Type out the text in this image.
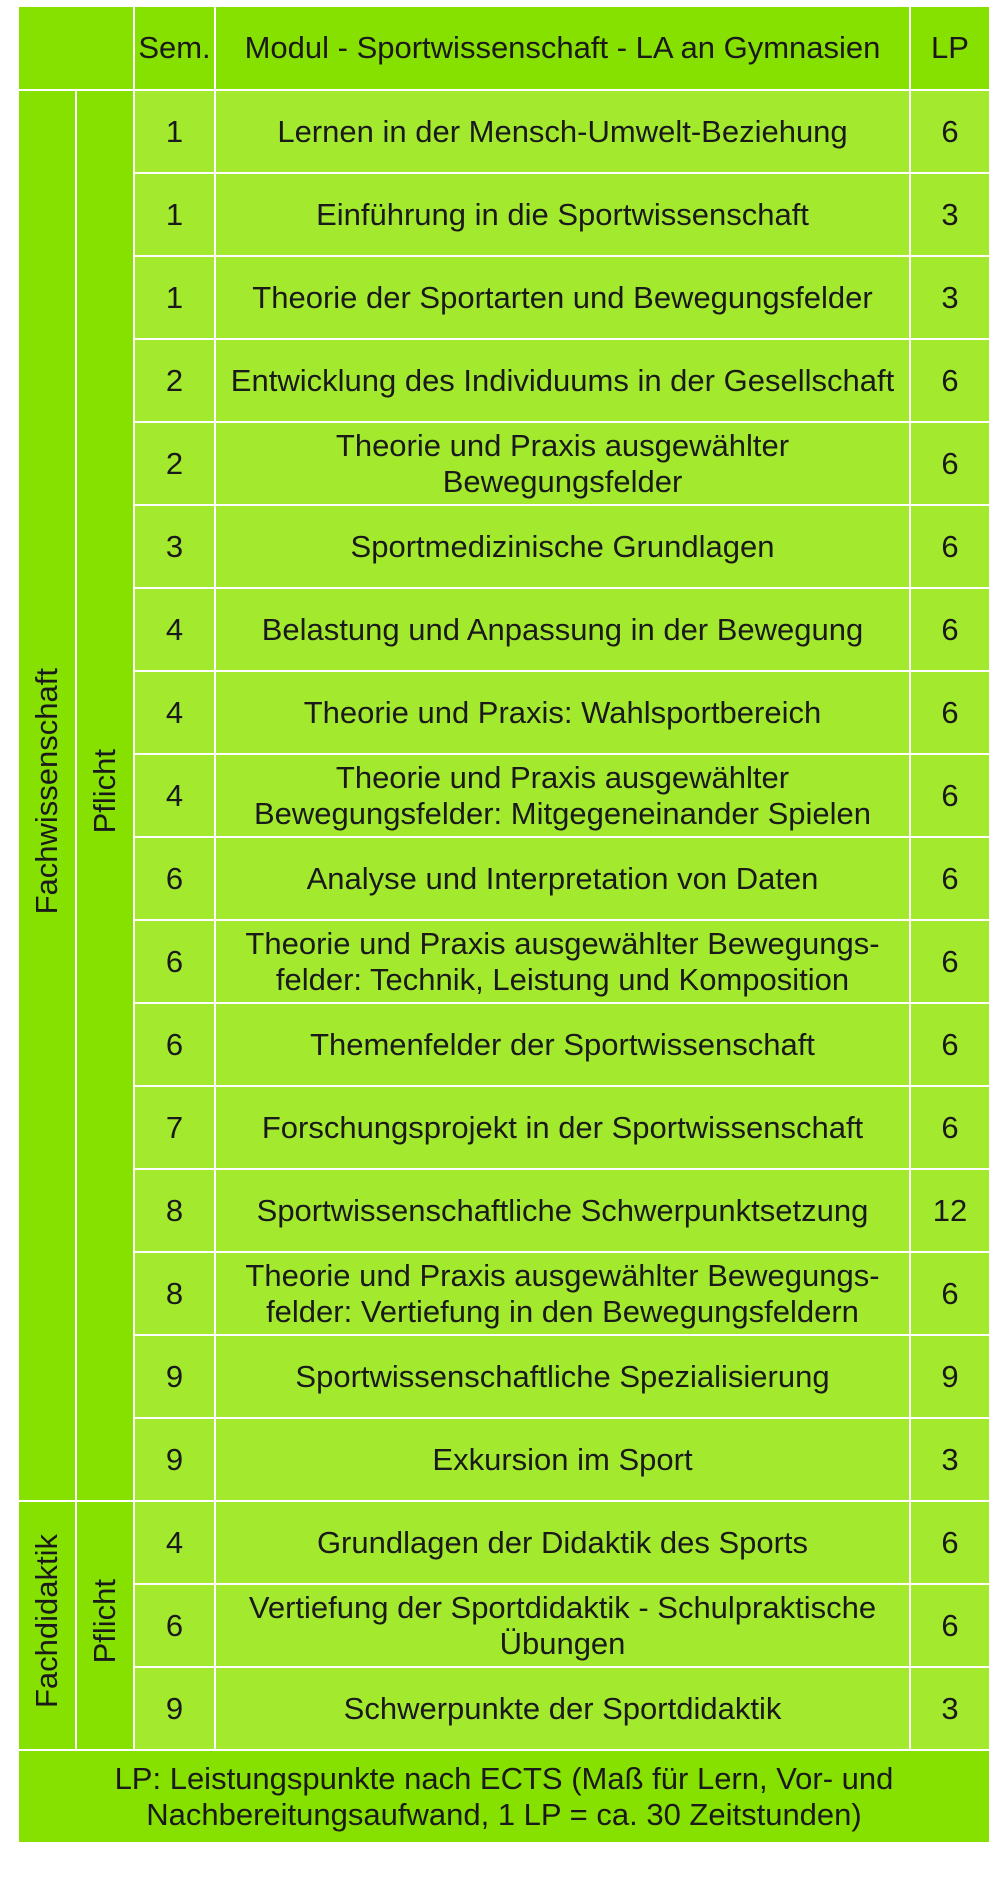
		Sem.	Modul - Sportwissenschaft - LA an Gymnasien	LP
Fachwissenschaft	Pflicht	1	Lernen in der Mensch-Umwelt-Beziehung	6
		1	Einführung in die Sportwissenschaft	3
		1	Theorie der Sportarten und Bewegungsfelder	3
		2	Entwicklung des Individuums in der Gesellschaft	6
		2	Theorie und Praxis ausgewählter Bewegungsfelder	6
		3	Sportmedizinische Grundlagen	6
		4	Belastung und Anpassung in der Bewegung	6
		4	Theorie und Praxis: Wahlsportbereich	6
		4	Theorie und Praxis ausgewählter Bewegungsfelder: Mitgegeneinander Spielen	6
		6	Analyse und Interpretation von Daten	6
		6	Theorie und Praxis ausgewählter Bewegungs- felder: Technik, Leistung und Komposition	6
		6	Themenfelder der Sportwissenschaft	6
		7	Forschungsprojekt in der Sportwissenschaft	6
		8	Sportwissenschaftliche Schwerpunktsetzung	12
		8	Theorie und Praxis ausgewählter Bewegungs- felder: Vertiefung in den Bewegungsfeldern	6
		9	Sportwissenschaftliche Spezialisierung	9
		9	Exkursion im Sport	3
Fachdidaktik	Pflicht	4	Grundlagen der Didaktik des Sports	6
		6	Vertiefung der Sportdidaktik - Schulpraktische Übungen	6
		9	Schwerpunkte der Sportdidaktik	3
LP: Leistungspunkte nach ECTS (Maß für Lern, Vor- und Nachbereitungsaufwand, 1 LP = ca. 30 Zeitstunden)				
